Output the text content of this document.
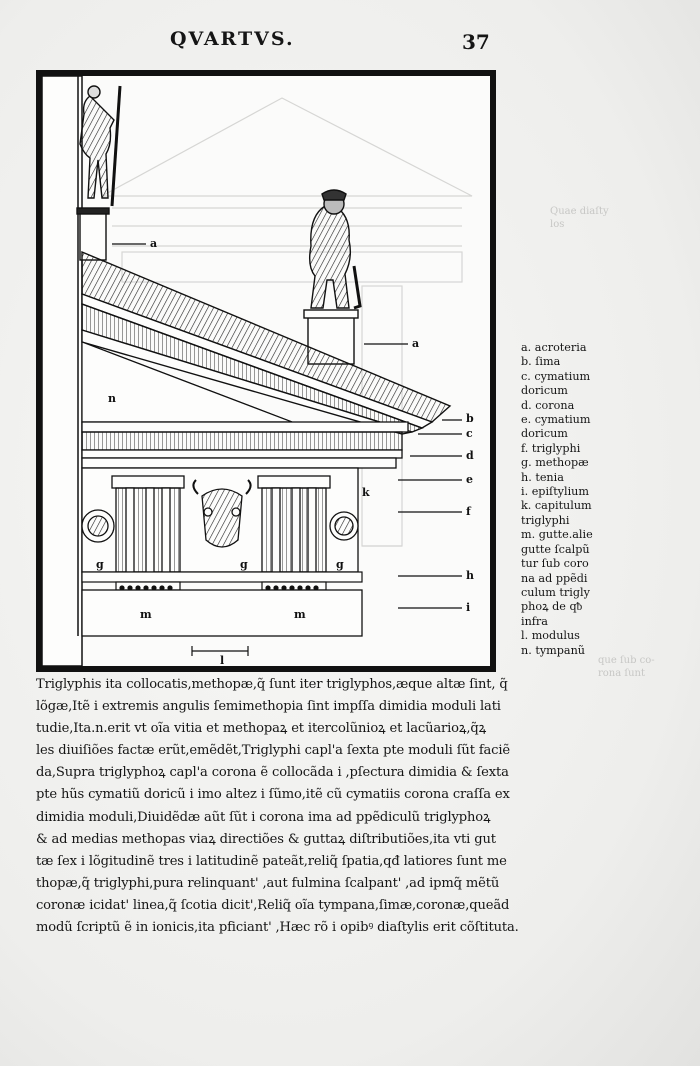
QVARTVS.	37
Quae diaſty
los
que ſub co-
rona ſunt
a
a
n
b
c
d
e
k
f
g	g	g
h
i
m	m
l
a. acroteria
b. ſima
c. cymatium
doricum
d. corona
e. cymatium
doricum
f. triglyphi
g. methopæ
h. tenia
i. epiſtylium
k. capitulum
triglyphi
m. gutte.alie
gutte ſcalpũ
tur ſub coro
na ad ppẽdi
culum trigly
phoꝝ de qᵬ
infra
l. modulus
n. tympanũ
Triglyphis ita collocatis,methopæ,q̃ ſunt iter triglyphos,æque altæ ſint, q̃
lõgæ,Itẽ i extremis angulis ſemimethopia ſint impſſa dimidia moduli lati
tudie,Ita.n.erit vt oĩa vitia et methopaꝝ et itercolũnioꝝ et lacũarioꝝ,q̃ꝝ
les diuiſiões factæ erũt,emẽdẽt,Triglyphi capl'a ſexta pte moduli ſũt faciẽ
da,Supra triglyphoꝝ capl'a corona ẽ collocãda i ,pſectura dimidia & ſexta
pte hũs cymatiũ doricũ i imo altez i ſũmo,itẽ cũ cymatiis corona craſſa ex
dimidia moduli,Diuidẽdæ aũt ſũt i corona ima ad ppẽdiculũ triglyphoꝝ
& ad medias methopas viaꝝ directiões & guttaꝝ diſtributiões,ita vti gut
tæ ſex i lõgitudinẽ tres i latitudinẽ pateãt,reliq̃ ſpatia,qđ latiores ſunt me
thopæ,q̃ triglyphi,pura relinquant' ,aut fulmina ſcalpant' ,ad ipmq̃ mẽtũ
coronæ icidat' linea,q̃ ſcotia dicit',Reliq̃ oĩa tympana,ſimæ,coronæ,queãd
modũ ſcriptũ ẽ in ionicis,ita pficiant' ,Hæc rõ i opibꝰ diaſtylis erit cõſtituta.
